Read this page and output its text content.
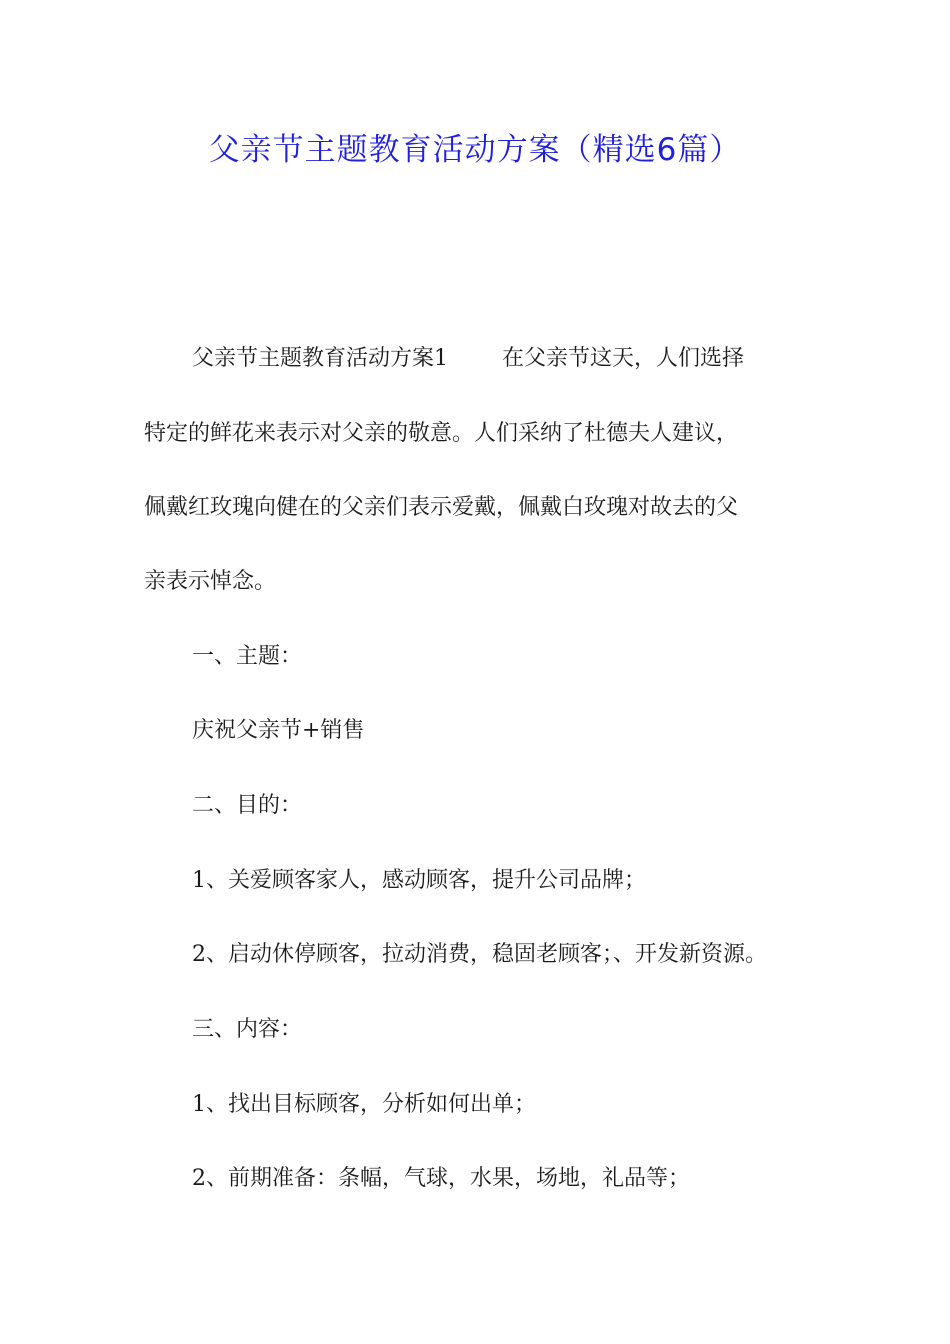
父亲节主题教育活动方案（精选6篇）
父亲节主题教育活动方案1 在父亲节这天，人们选择
特定的鲜花来表示对父亲的敬意。人们采纳了杜德夫人建议，
佩戴红玫瑰向健在的父亲们表示爱戴，佩戴白玫瑰对故去的父
亲表示悼念。
一、主题：
庆祝父亲节+销售
二、目的：
1、关爱顾客家人，感动顾客，提升公司品牌；
2、启动休停顾客，拉动消费，稳固老顾客；、开发新资源。
三、内容：
1、找出目标顾客，分析如何出单；
2、前期准备：条幅，气球，水果，场地，礼品等；
